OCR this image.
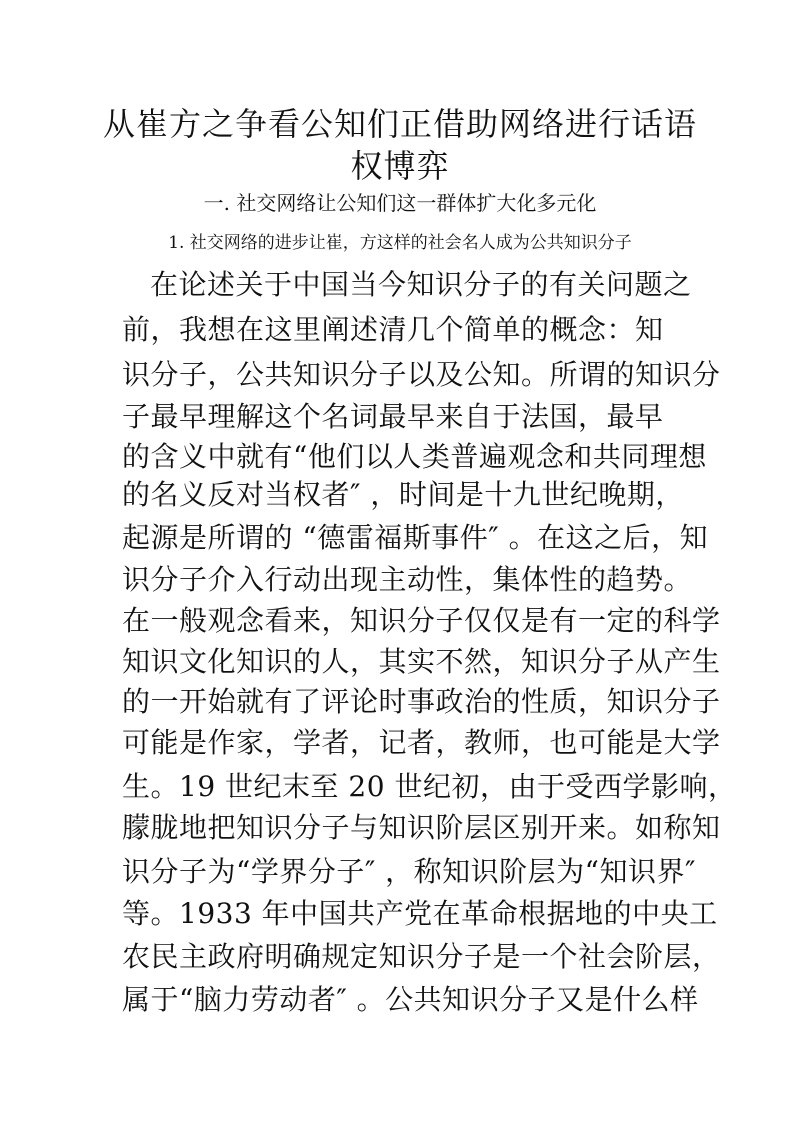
从崔方之争看公知们正借助网络进行话语
权博弈
一. 社交网络让公知们这一群体扩大化多元化
1. 社交网络的进步让崔，方这样的社会名人成为公共知识分子

在论述关于中国当今知识分子的有关问题之

前，我想在这里阐述清几个简单的概念：知

识分子，公共知识分子以及公知。所谓的知识分

子最早理解这个名词最早来自于法国，最早

的含义中就有“他们以人类普遍观念和共同理想

的名义反对当权者″ ，时间是十九世纪晚期，

起源是所谓的 “德雷福斯事件″ 。在这之后，知

识分子介入行动出现主动性，集体性的趋势。

在一般观念看来，知识分子仅仅是有一定的科学

知识文化知识的人，其实不然，知识分子从产生

的一开始就有了评论时事政治的性质，知识分子

可能是作家，学者，记者，教师，也可能是大学

生。19 世纪末至 20 世纪初，由于受西学影响，

朦胧地把知识分子与知识阶层区别开来。如称知

识分子为“学界分子″ ，称知识阶层为“知识界″

等。1933 年中国共产党在革命根据地的中央工

农民主政府明确规定知识分子是一个社会阶层，

属于“脑力劳动者″ 。公共知识分子又是什么样
